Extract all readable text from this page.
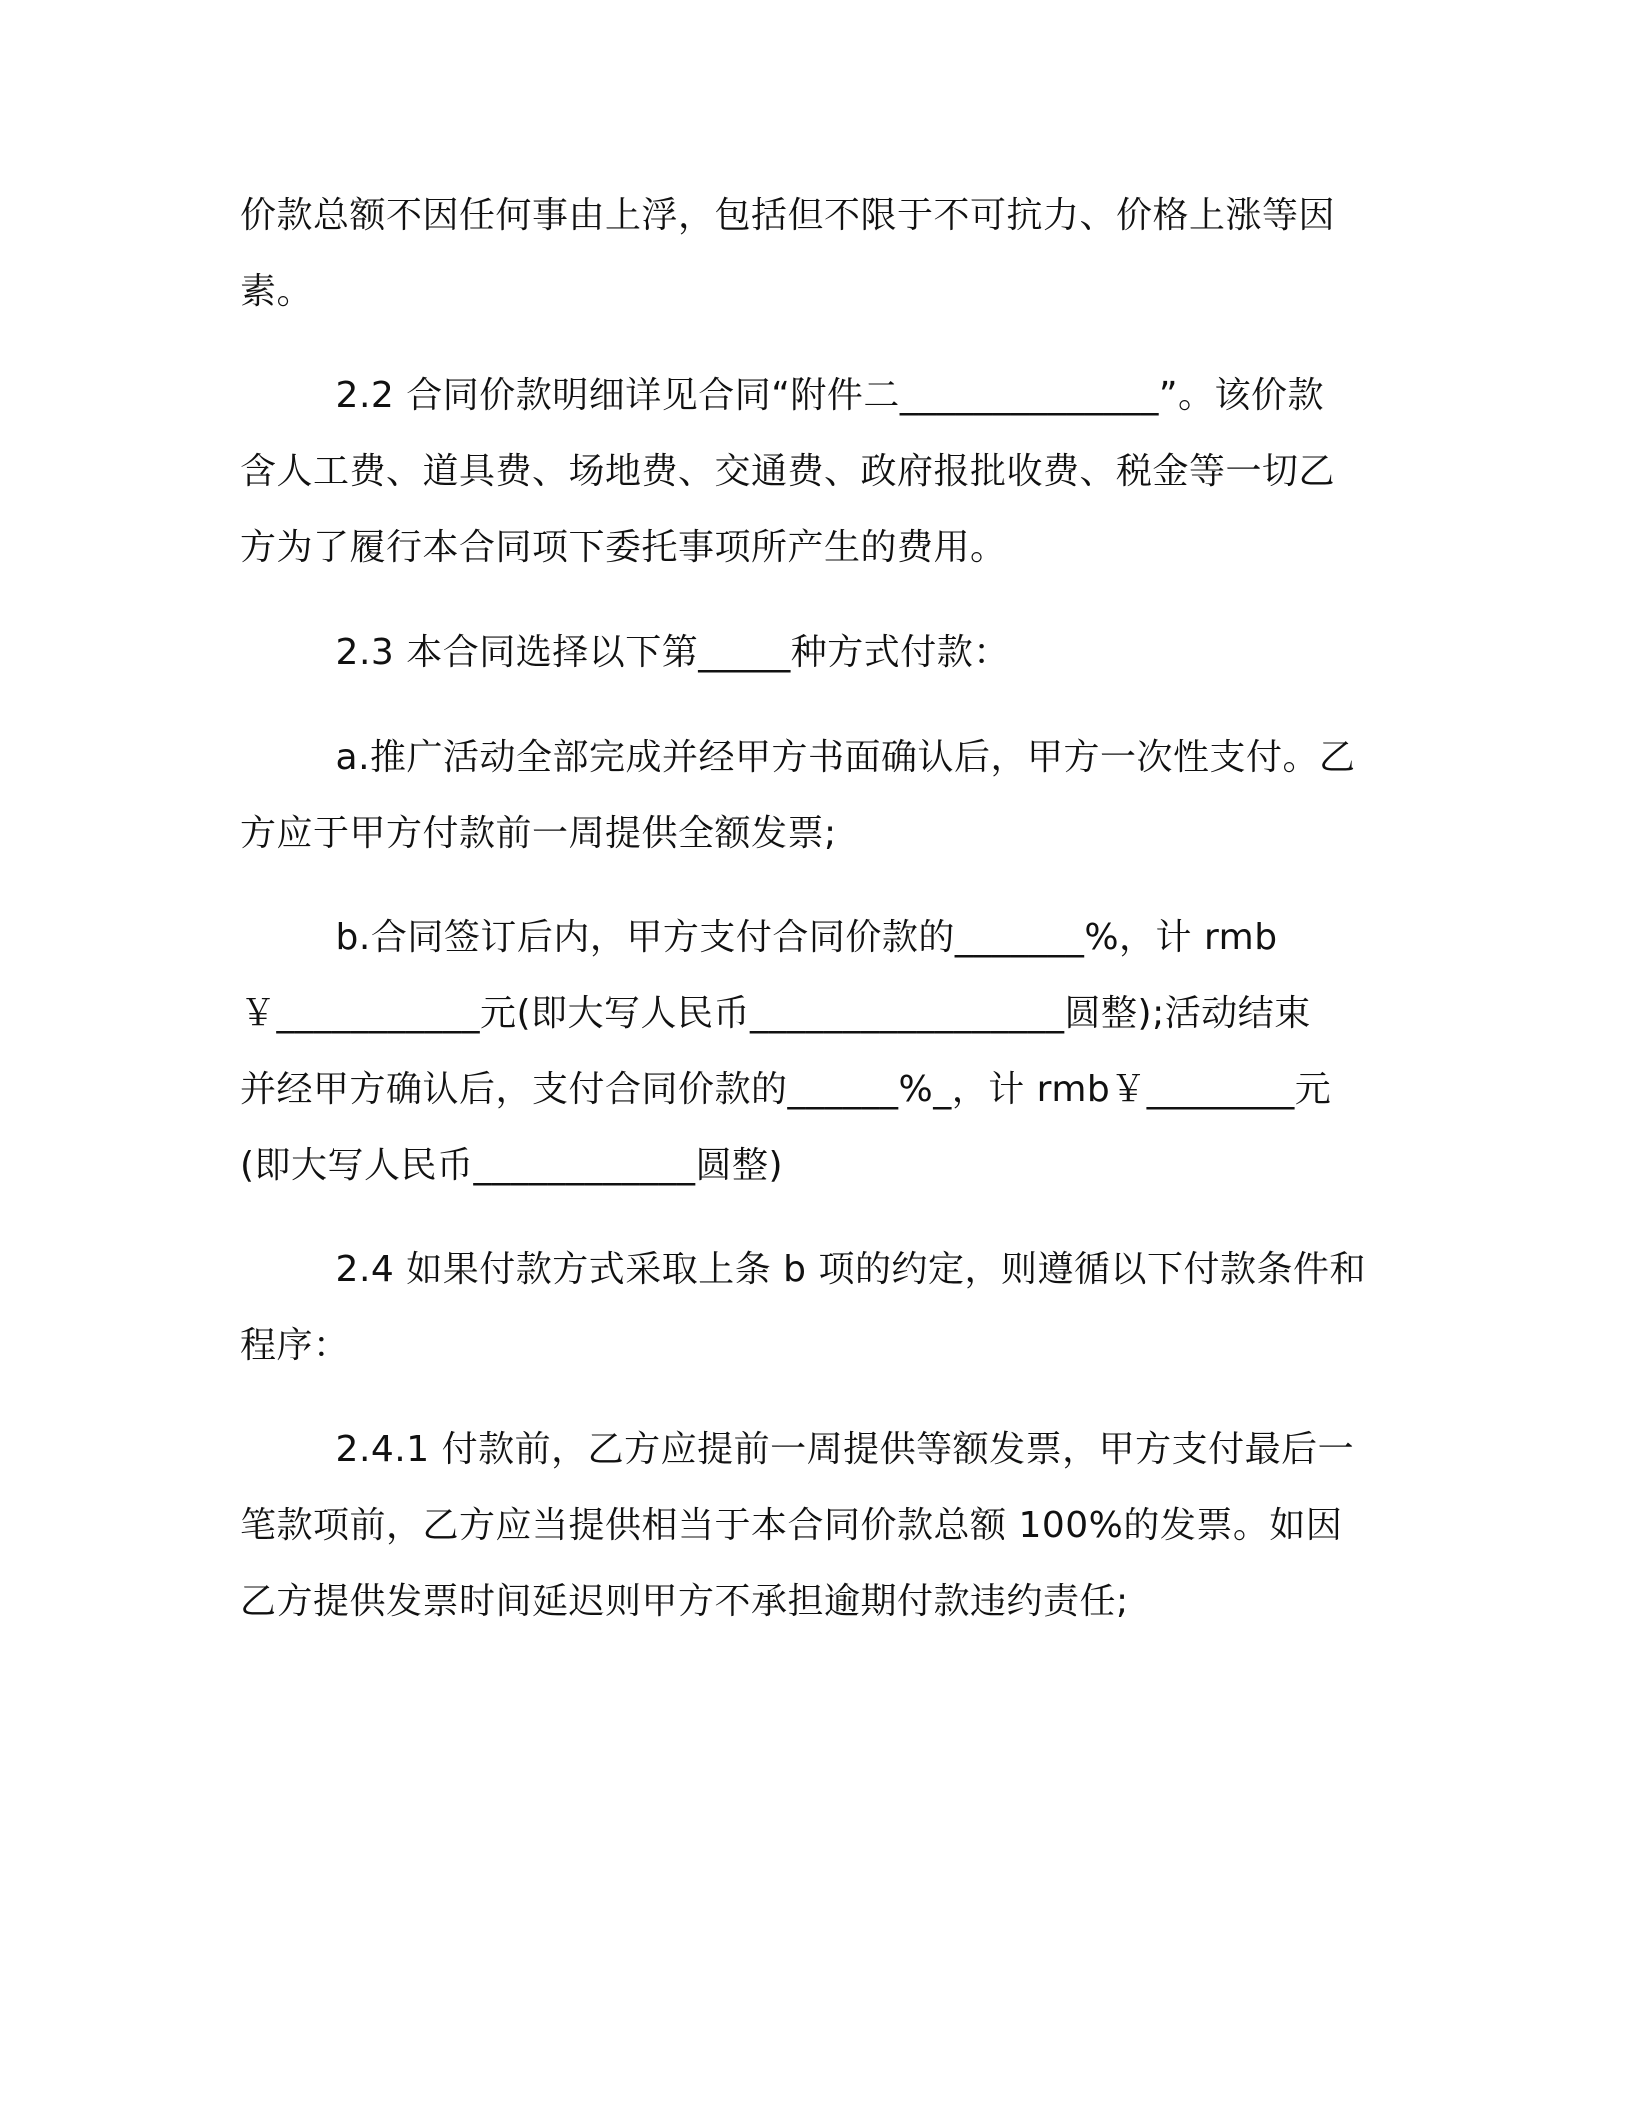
价款总额不因任何事由上浮，包括但不限于不可抗力、价格上涨等因
素。
2.2 合同价款明细详见合同“附件二______________”。该价款
含人工费、道具费、场地费、交通费、政府报批收费、税金等一切乙
方为了履行本合同项下委托事项所产生的费用。
2.3 本合同选择以下第_____种方式付款：
a.推广活动全部完成并经甲方书面确认后，甲方一次性支付。乙
方应于甲方付款前一周提供全额发票;
b.合同签订后内，甲方支付合同价款的_______%，计 rmb
￥___________元(即大写人民币_________________圆整);活动结束
并经甲方确认后，支付合同价款的______%_，计 rmb￥________元
(即大写人民币____________圆整)
2.4 如果付款方式采取上条 b 项的约定，则遵循以下付款条件和
程序：
2.4.1 付款前，乙方应提前一周提供等额发票，甲方支付最后一
笔款项前，乙方应当提供相当于本合同价款总额 100%的发票。如因
乙方提供发票时间延迟则甲方不承担逾期付款违约责任;
